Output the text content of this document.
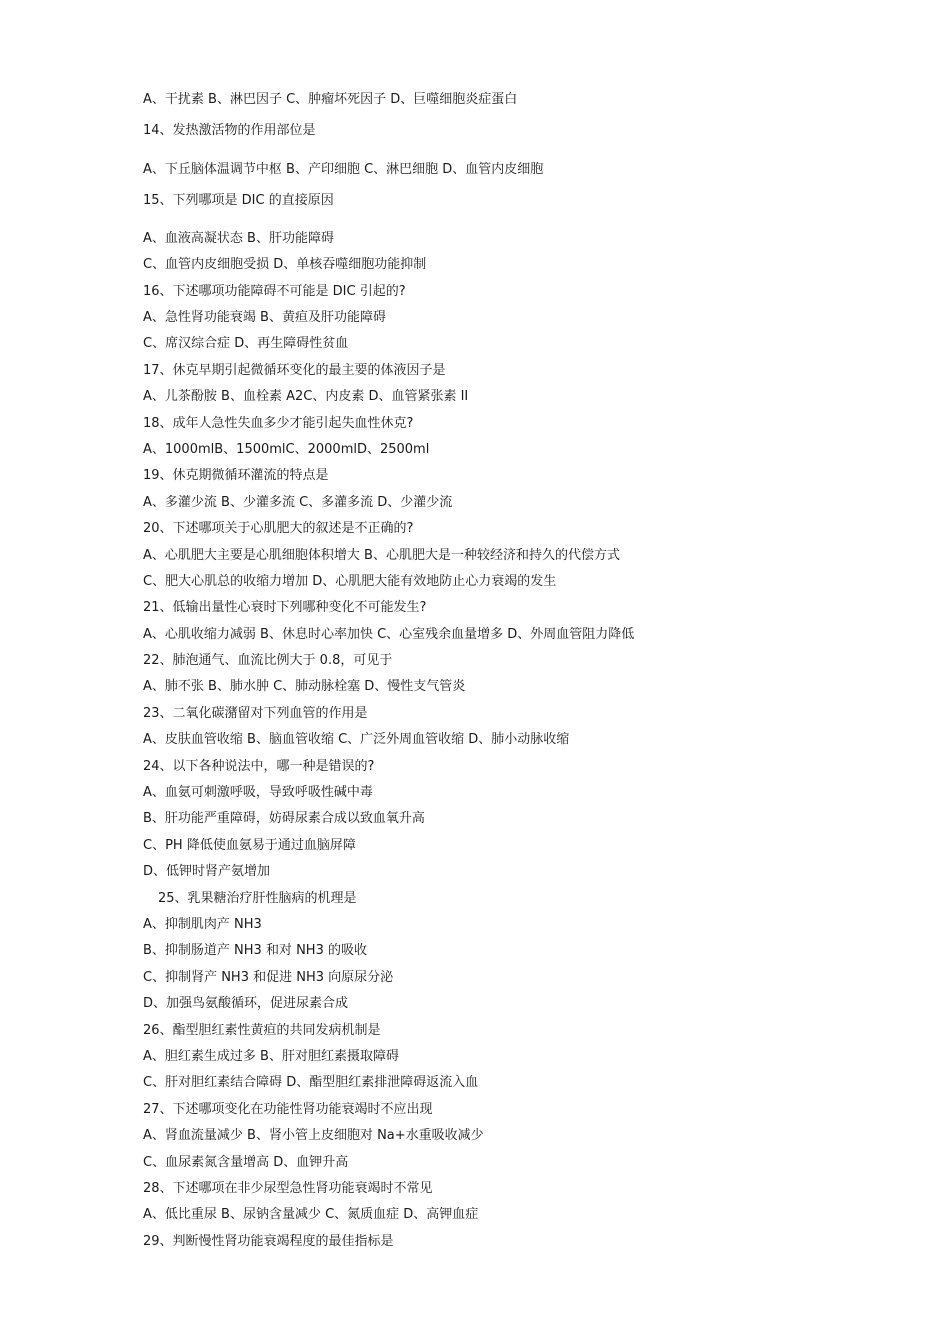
A、干扰素 B、淋巴因子 C、肿瘤坏死因子 D、巨噬细胞炎症蛋白
14、发热激活物的作用部位是
A、下丘脑体温调节中枢 B、产印细胞 C、淋巴细胞 D、血管内皮细胞
15、下列哪项是 DIC 的直接原因
A、血液高凝状态 B、肝功能障碍
C、血管内皮细胞受损 D、单核吞噬细胞功能抑制
16、下述哪项功能障碍不可能是 DIC 引起的?
A、急性肾功能衰竭 B、黄疸及肝功能障碍
C、席汉综合症 D、再生障碍性贫血
17、休克早期引起微循环变化的最主要的体液因子是
A、儿茶酚胺 B、血栓素 A2C、内皮素 D、血管紧张素 II
18、成年人急性失血多少才能引起失血性休克?
A、1000mlB、1500mlC、2000mlD、2500ml
19、休克期微循环灌流的特点是
A、多灌少流 B、少灌多流 C、多灌多流 D、少灌少流
20、下述哪项关于心肌肥大的叙述是不正确的?
A、心肌肥大主要是心肌细胞体积增大 B、心肌肥大是一种较经济和持久的代偿方式
C、肥大心肌总的收缩力增加 D、心肌肥大能有效地防止心力衰竭的发生
21、低输出量性心衰时下列哪种变化不可能发生?
A、心肌收缩力减弱 B、休息时心率加快 C、心室残余血量增多 D、外周血管阻力降低
22、肺泡通气、血流比例大于 0.8，可见于
A、肺不张 B、肺水肿 C、肺动脉栓塞 D、慢性支气管炎
23、二氧化碳潴留对下列血管的作用是
A、皮肤血管收缩 B、脑血管收缩 C、广泛外周血管收缩 D、肺小动脉收缩
24、以下各种说法中，哪一种是错误的?
A、血氨可刺激呼吸，导致呼吸性碱中毒
B、肝功能严重障碍，妨碍尿素合成以致血氧升高
C、PH 降低使血氨易于通过血脑屏障
D、低钾时肾产氨增加
25、乳果糖治疗肝性脑病的机理是
A、抑制肌肉产 NH3
B、抑制肠道产 NH3 和对 NH3 的吸收
C、抑制肾产 NH3 和促进 NH3 向原尿分泌
D、加强鸟氨酸循环，促进尿素合成
26、酯型胆红素性黄疸的共同发病机制是
A、胆红素生成过多 B、肝对胆红素摄取障碍
C、肝对胆红素结合障碍 D、酯型胆红素排泄障碍返流入血
27、下述哪项变化在功能性肾功能衰竭时不应出现
A、肾血流量减少 B、肾小管上皮细胞对 Na+水重吸收减少
C、血尿素氮含量增高 D、血钾升高
28、下述哪项在非少尿型急性肾功能衰竭时不常见
A、低比重尿 B、尿钠含量减少 C、氮质血症 D、高钾血症
29、判断慢性肾功能衰竭程度的最佳指标是
